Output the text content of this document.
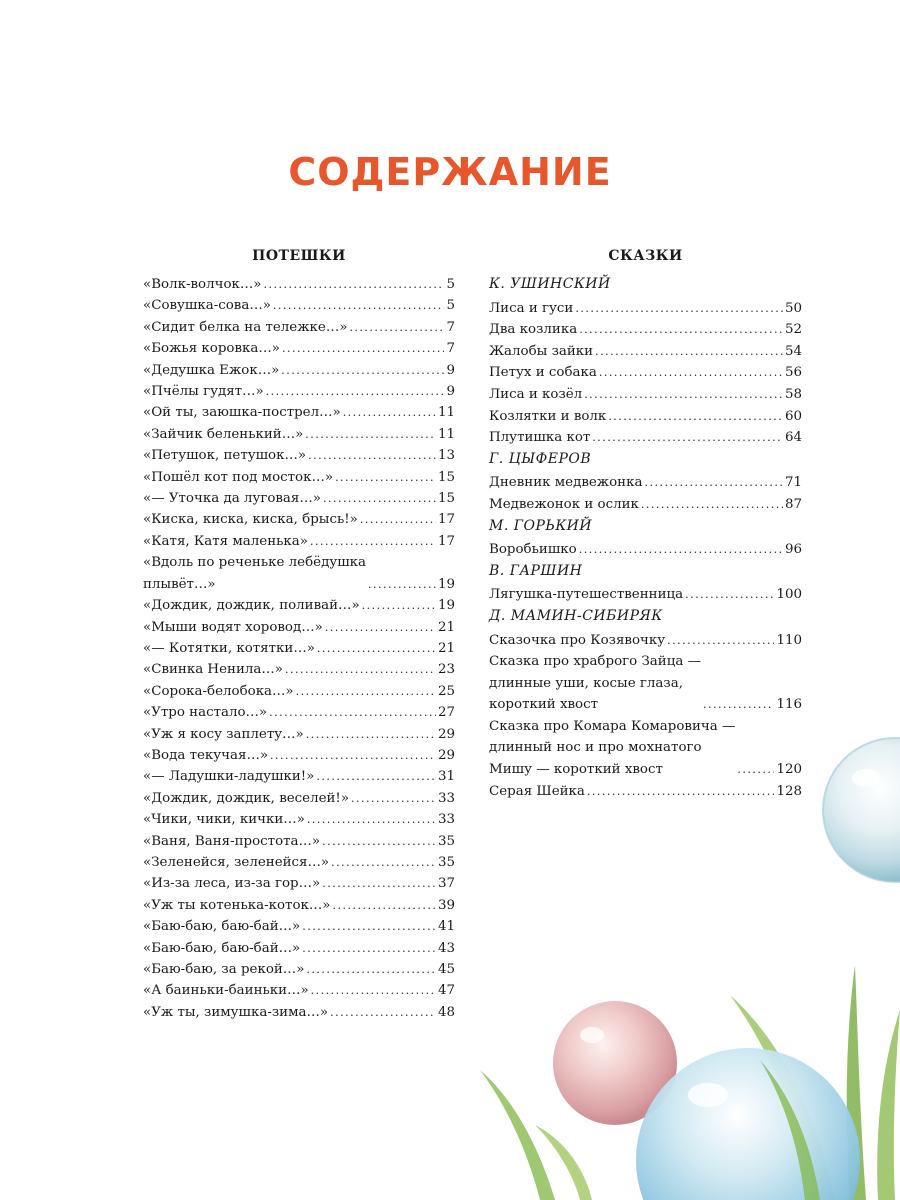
СОДЕРЖАНИЕ
ПОТЕШКИ
«Волк-волчок…» .....	5
«Совушка-сова…» .....	5
«Сидит белка на тележке…» .....	7
«Божья коровка…» .....	7
«Дедушка Ежок…» .....	9
«Пчёлы гудят…» .....	9
«Ой ты, заюшка-пострел…» .....	11
«Зайчик беленький…» .....	11
«Петушок, петушок…» .....	13
«Пошёл кот под мосток…» .....	15
«— Уточка да луговая…» .....	15
«Киска, киска, киска, брысь!» .....	17
«Катя, Катя маленька» .....	17
«Вдоль по реченьке лебёдушка
плывёт…» .....	19
«Дождик, дождик, поливай…» .....	19
«Мыши водят хоровод…» .....	21
«— Котятки, котятки…» .....	21
«Свинка Ненила…» .....	23
«Сорока-белобока…» .....	25
«Утро настало…» .....	27
«Уж я косу заплету…» .....	29
«Вода текучая…» .....	29
«— Ладушки-ладушки!» .....	31
«Дождик, дождик, веселей!» .....	33
«Чики, чики, кички…» .....	33
«Ваня, Ваня-простота…» .....	35
«Зеленейся, зеленейся…» .....	35
«Из-за леса, из-за гор…» .....	37
«Уж ты котенька-коток…» .....	39
«Баю-баю, баю-бай…» .....	41
«Баю-баю, баю-бай…» .....	43
«Баю-баю, за рекой…» .....	45
«А баиньки-баиньки…» .....	47
«Уж ты, зимушка-зима…» .....	48
СКАЗКИ
К. УШИНСКИЙ
Лиса и гуси .....	50
Два козлика .....	52
Жалобы зайки .....	54
Петух и собака .....	56
Лиса и козёл .....	58
Козлятки и волк .....	60
Плутишка кот .....	64
Г. ЦЫФЕРОВ
Дневник медвежонка .....	71
Медвежонок и ослик .....	87
М. ГОРЬКИЙ
Воробьишко .....	96
В. ГАРШИН
Лягушка-путешественница .....	100
Д. МАМИН-СИБИРЯК
Сказочка про Козявочку .....	110
Сказка про храброго Зайца —
длинные уши, косые глаза,
короткий хвост .....	116
Сказка про Комара Комаровича —
длинный нос и про мохнатого
Мишу — короткий хвост .....	120
Серая Шейка .....	128
